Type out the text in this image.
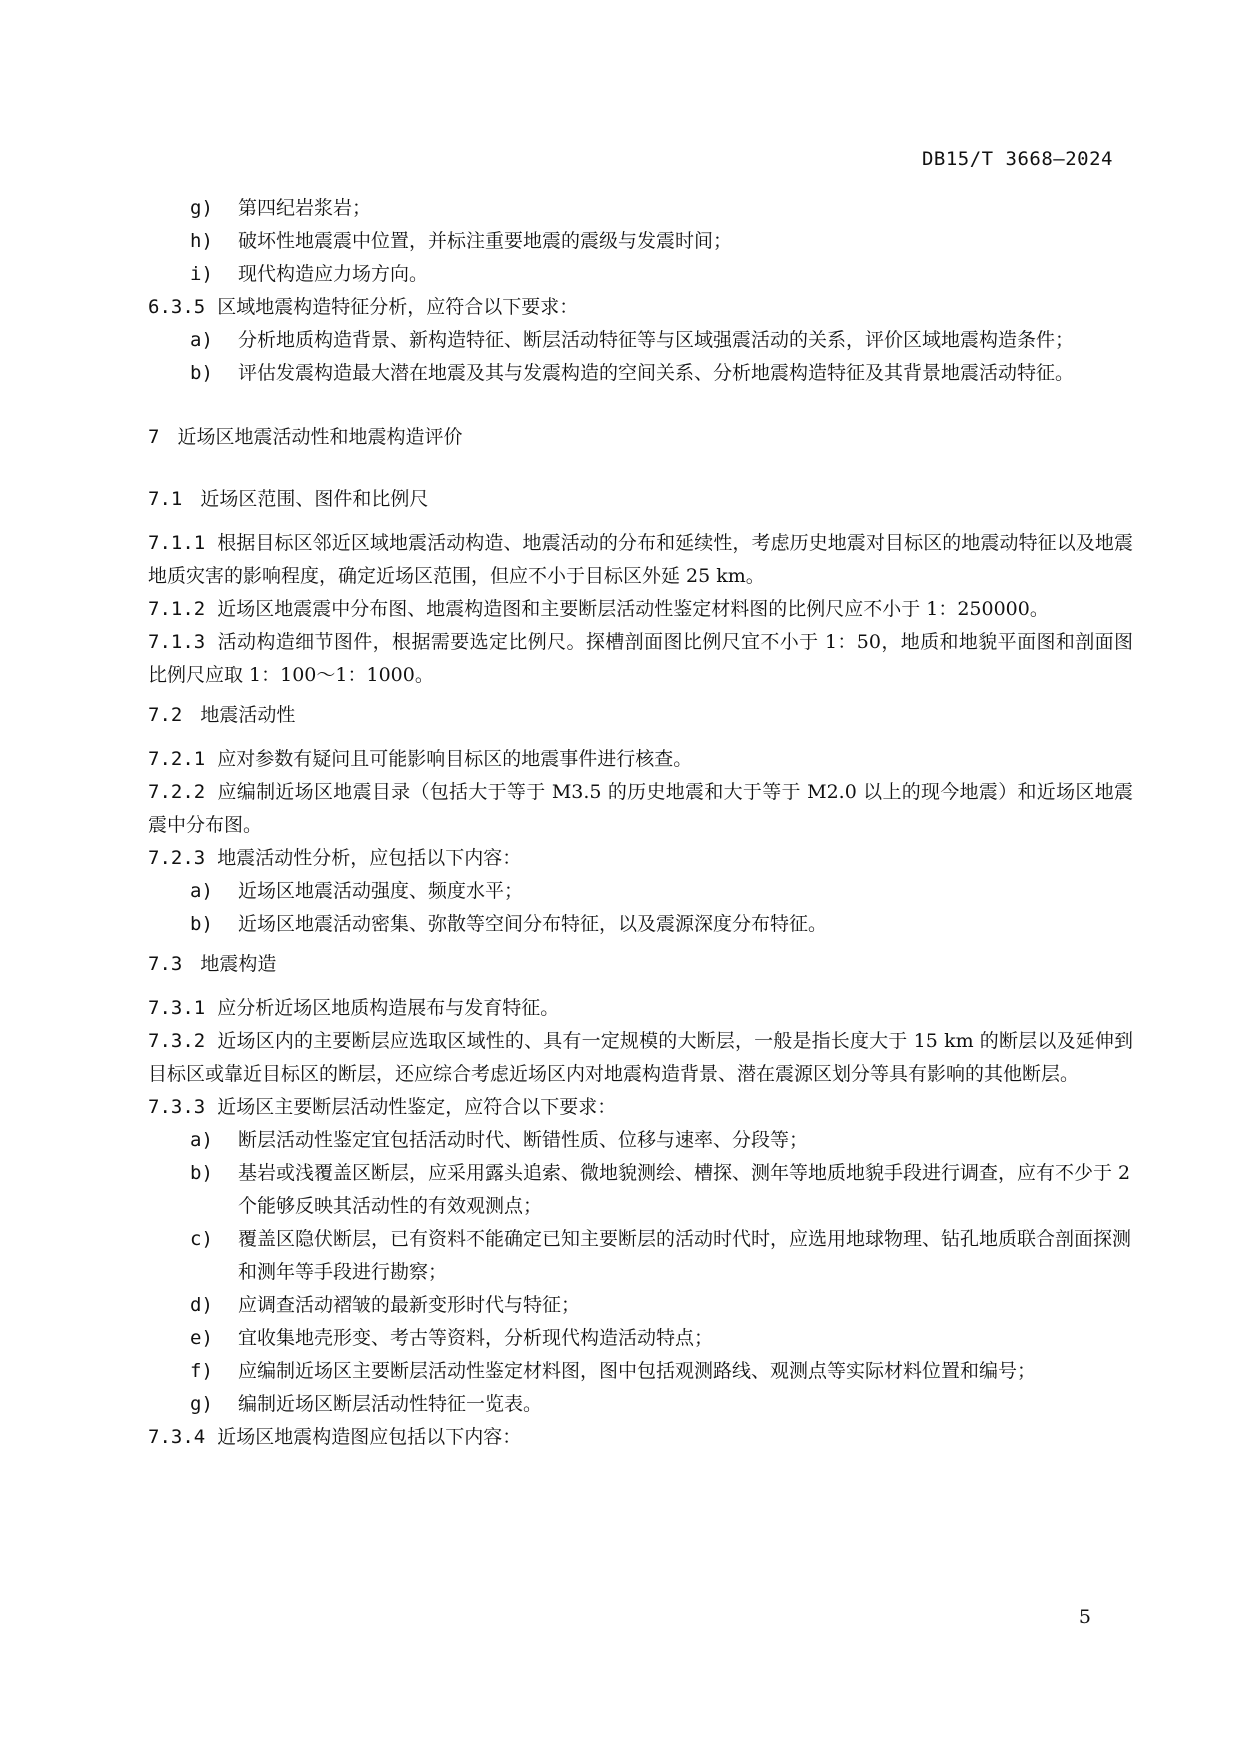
DB15/T 3668—2024
g) 第四纪岩浆岩；
h) 破坏性地震震中位置，并标注重要地震的震级与发震时间；
i) 现代构造应力场方向。
6.3.5 区域地震构造特征分析，应符合以下要求：
a) 分析地质构造背景、新构造特征、断层活动特征等与区域强震活动的关系，评价区域地震构造条件；
b) 评估发震构造最大潜在地震及其与发震构造的空间关系、分析地震构造特征及其背景地震活动特征。
7 近场区地震活动性和地震构造评价
7.1 近场区范围、图件和比例尺
7.1.1 根据目标区邻近区域地震活动构造、地震活动的分布和延续性，考虑历史地震对目标区的地震动特征以及地震地质灾害的影响程度，确定近场区范围，但应不小于目标区外延 25 km。
7.1.2 近场区地震震中分布图、地震构造图和主要断层活动性鉴定材料图的比例尺应不小于 1：250000。
7.1.3 活动构造细节图件，根据需要选定比例尺。探槽剖面图比例尺宜不小于 1：50，地质和地貌平面图和剖面图比例尺应取 1：100～1：1000。
7.2 地震活动性
7.2.1 应对参数有疑问且可能影响目标区的地震事件进行核查。
7.2.2 应编制近场区地震目录（包括大于等于 M3.5 的历史地震和大于等于 M2.0 以上的现今地震）和近场区地震震中分布图。
7.2.3 地震活动性分析，应包括以下内容：
a) 近场区地震活动强度、频度水平；
b) 近场区地震活动密集、弥散等空间分布特征，以及震源深度分布特征。
7.3 地震构造
7.3.1 应分析近场区地质构造展布与发育特征。
7.3.2 近场区内的主要断层应选取区域性的、具有一定规模的大断层，一般是指长度大于 15 km 的断层以及延伸到目标区或靠近目标区的断层，还应综合考虑近场区内对地震构造背景、潜在震源区划分等具有影响的其他断层。
7.3.3 近场区主要断层活动性鉴定，应符合以下要求：
a) 断层活动性鉴定宜包括活动时代、断错性质、位移与速率、分段等；
b) 基岩或浅覆盖区断层，应采用露头追索、微地貌测绘、槽探、测年等地质地貌手段进行调查，应有不少于 2 个能够反映其活动性的有效观测点；
c) 覆盖区隐伏断层，已有资料不能确定已知主要断层的活动时代时，应选用地球物理、钻孔地质联合剖面探测和测年等手段进行勘察；
d) 应调查活动褶皱的最新变形时代与特征；
e) 宜收集地壳形变、考古等资料，分析现代构造活动特点；
f) 应编制近场区主要断层活动性鉴定材料图，图中包括观测路线、观测点等实际材料位置和编号；
g) 编制近场区断层活动性特征一览表。
7.3.4 近场区地震构造图应包括以下内容：
5
